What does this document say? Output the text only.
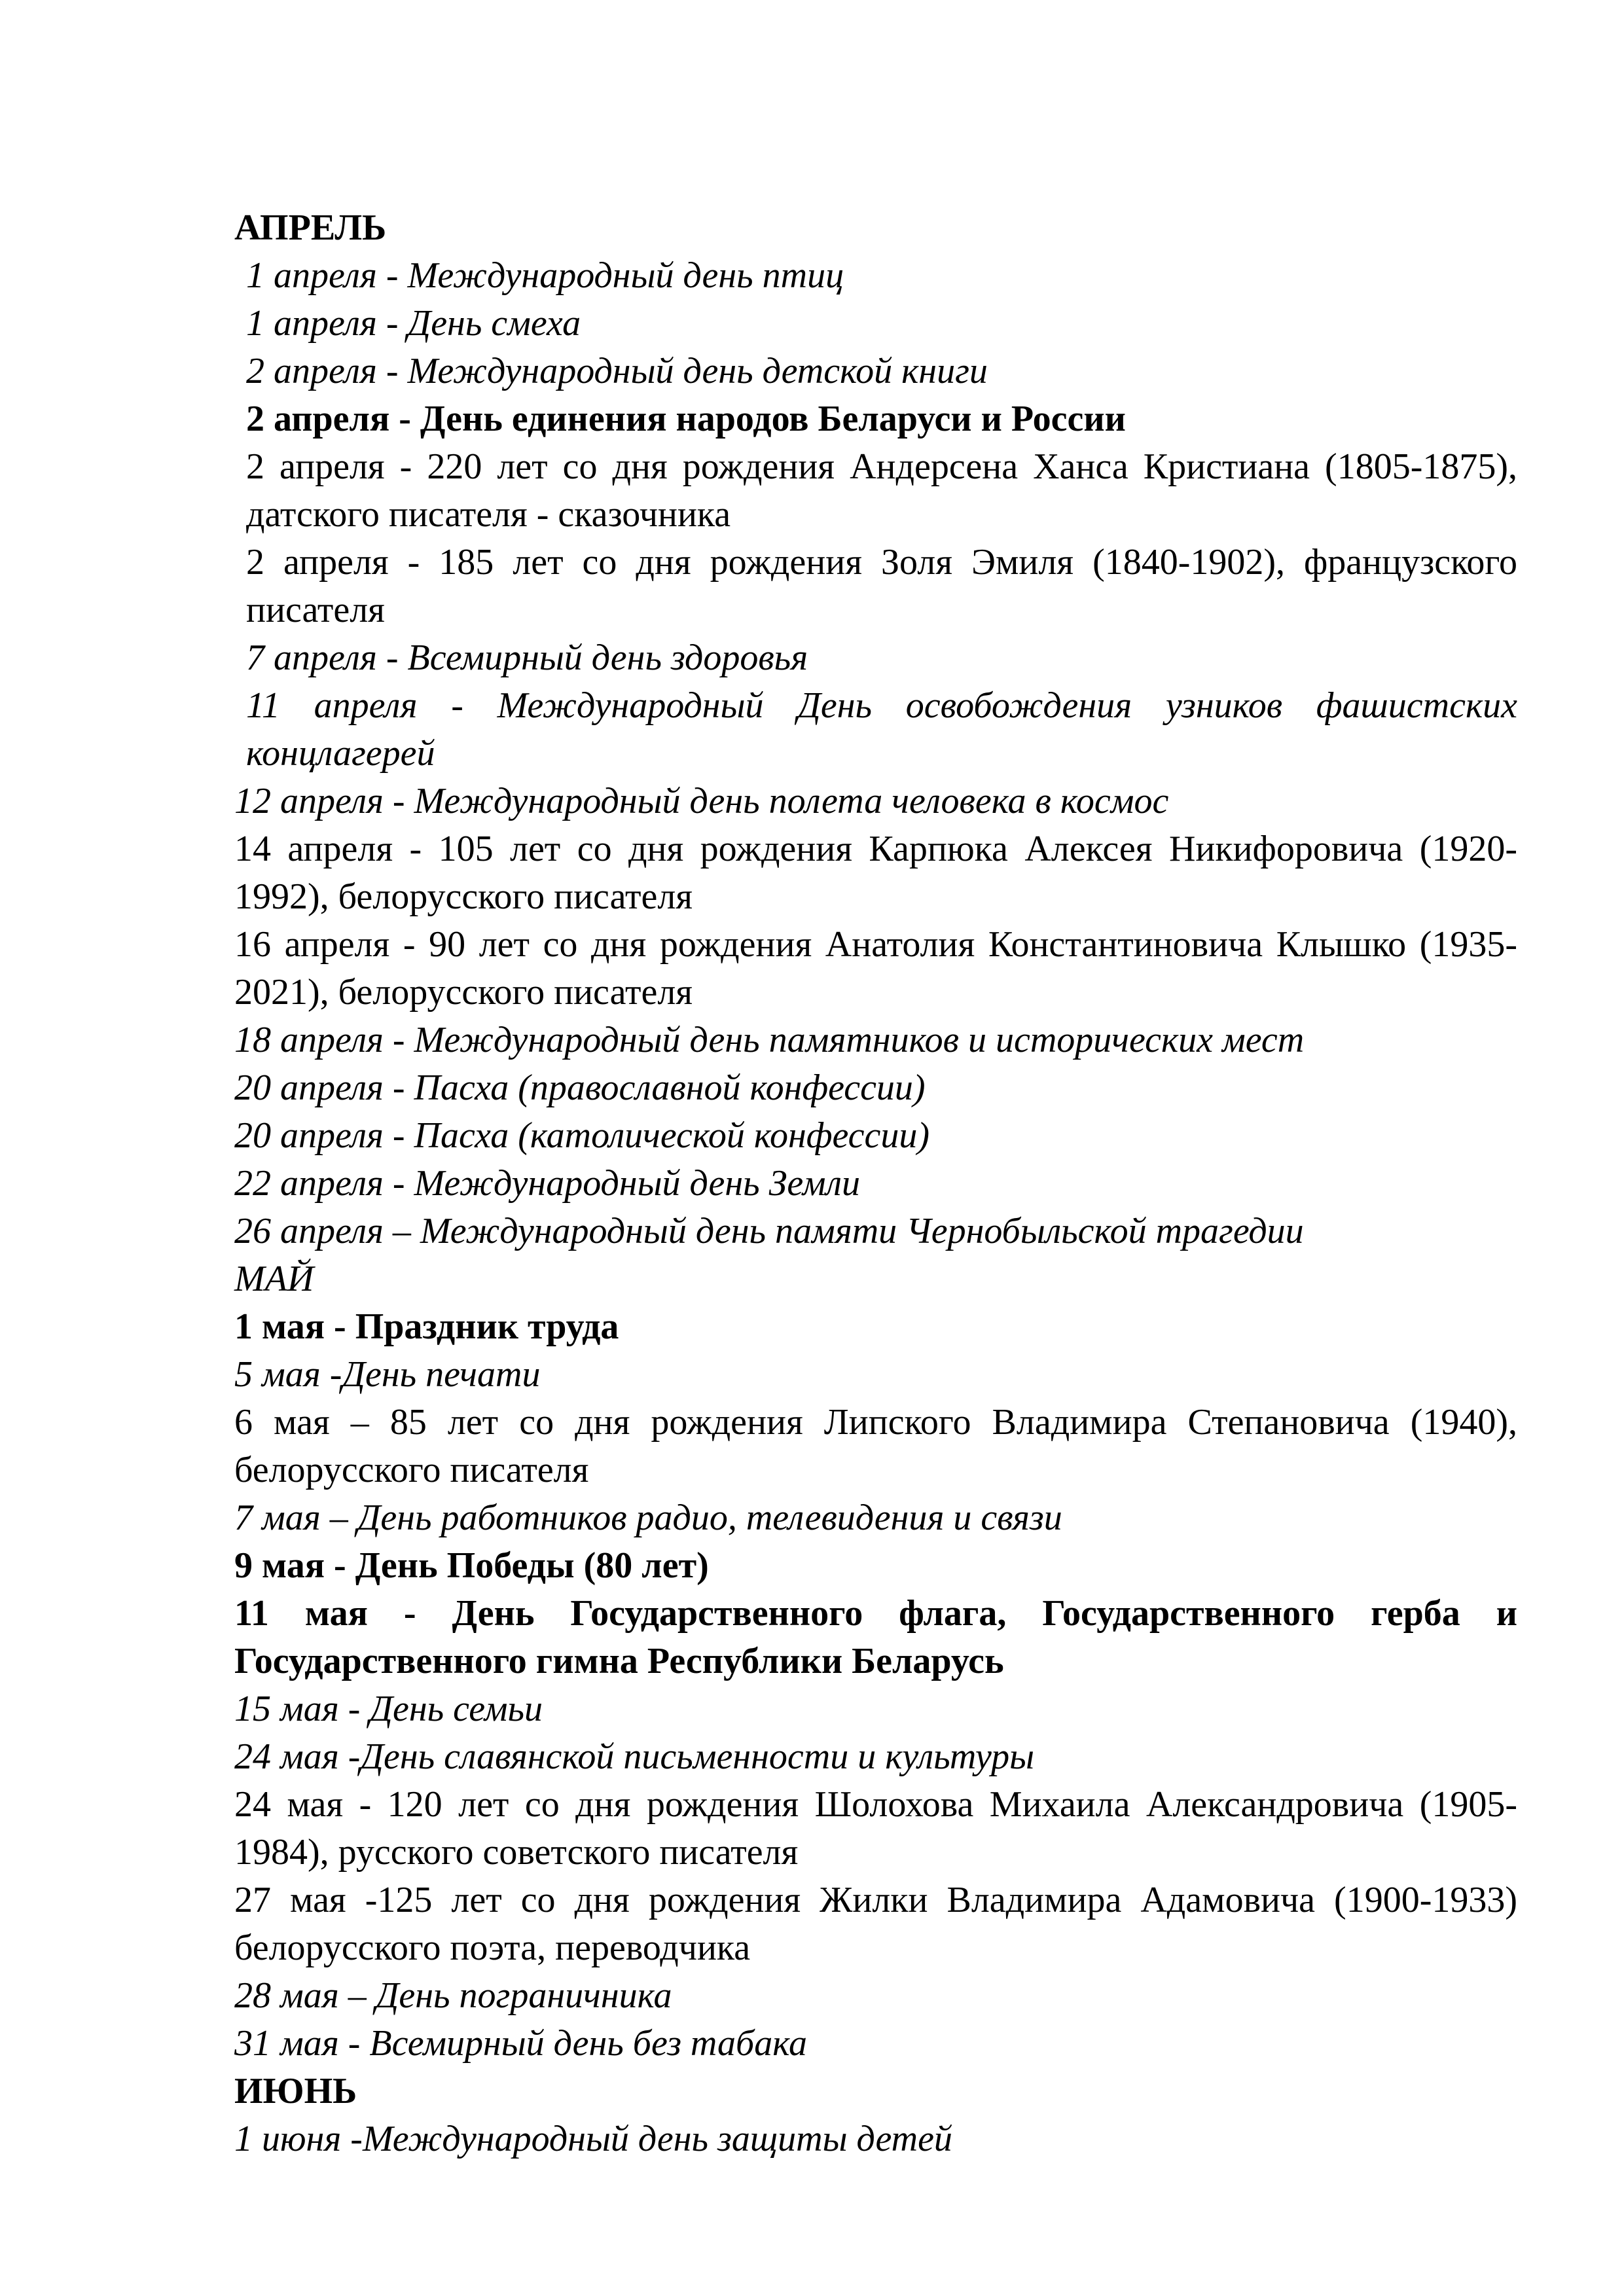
АПРЕЛЬ

1 апреля - Международный день птиц

1 апреля - День смеха

2 апреля - Международный день детской книги

2 апреля - День единения народов Беларуси и России

2 апреля - 220 лет со дня рождения Андерсена Ханса Кристиана (1805-1875), датского писателя - сказочника

2 апреля - 185 лет со дня рождения Золя Эмиля (1840-1902), французского писателя

7 апреля - Всемирный день здоровья

11 апреля - Международный День освобождения узников фашистских концлагерей

12 апреля - Международный день полета человека в космос

14 апреля - 105 лет со дня рождения Карпюка Алексея Никифоровича (1920-1992), белорусского писателя

16 апреля - 90 лет со дня рождения Анатолия Константиновича Клышко (1935-2021), белорусского писателя

18 апреля - Международный день памятников и исторических мест

20 апреля - Пасха (православной конфессии)

20 апреля - Пасха (католической конфессии)

22 апреля - Международный день Земли

26 апреля – Международный день памяти Чернобыльской трагедии

МАЙ

1 мая - Праздник труда

5 мая -День печати

6 мая – 85 лет со дня рождения Липского Владимира Степановича (1940), белорусского писателя

7 мая – День работников радио, телевидения и связи

9 мая - День Победы (80 лет)

11 мая - День Государственного флага, Государственного герба и Государственного гимна Республики Беларусь

15 мая - День семьи

24 мая -День славянской письменности и культуры

24 мая - 120 лет со дня рождения Шолохова Михаила Александровича (1905-1984), русского советского писателя

27 мая -125 лет со дня рождения Жилки Владимира Адамовича (1900-1933) белорусского поэта, переводчика

28 мая – День пограничника

31 мая - Всемирный день без табака

ИЮНЬ

1 июня -Международный день защиты детей
